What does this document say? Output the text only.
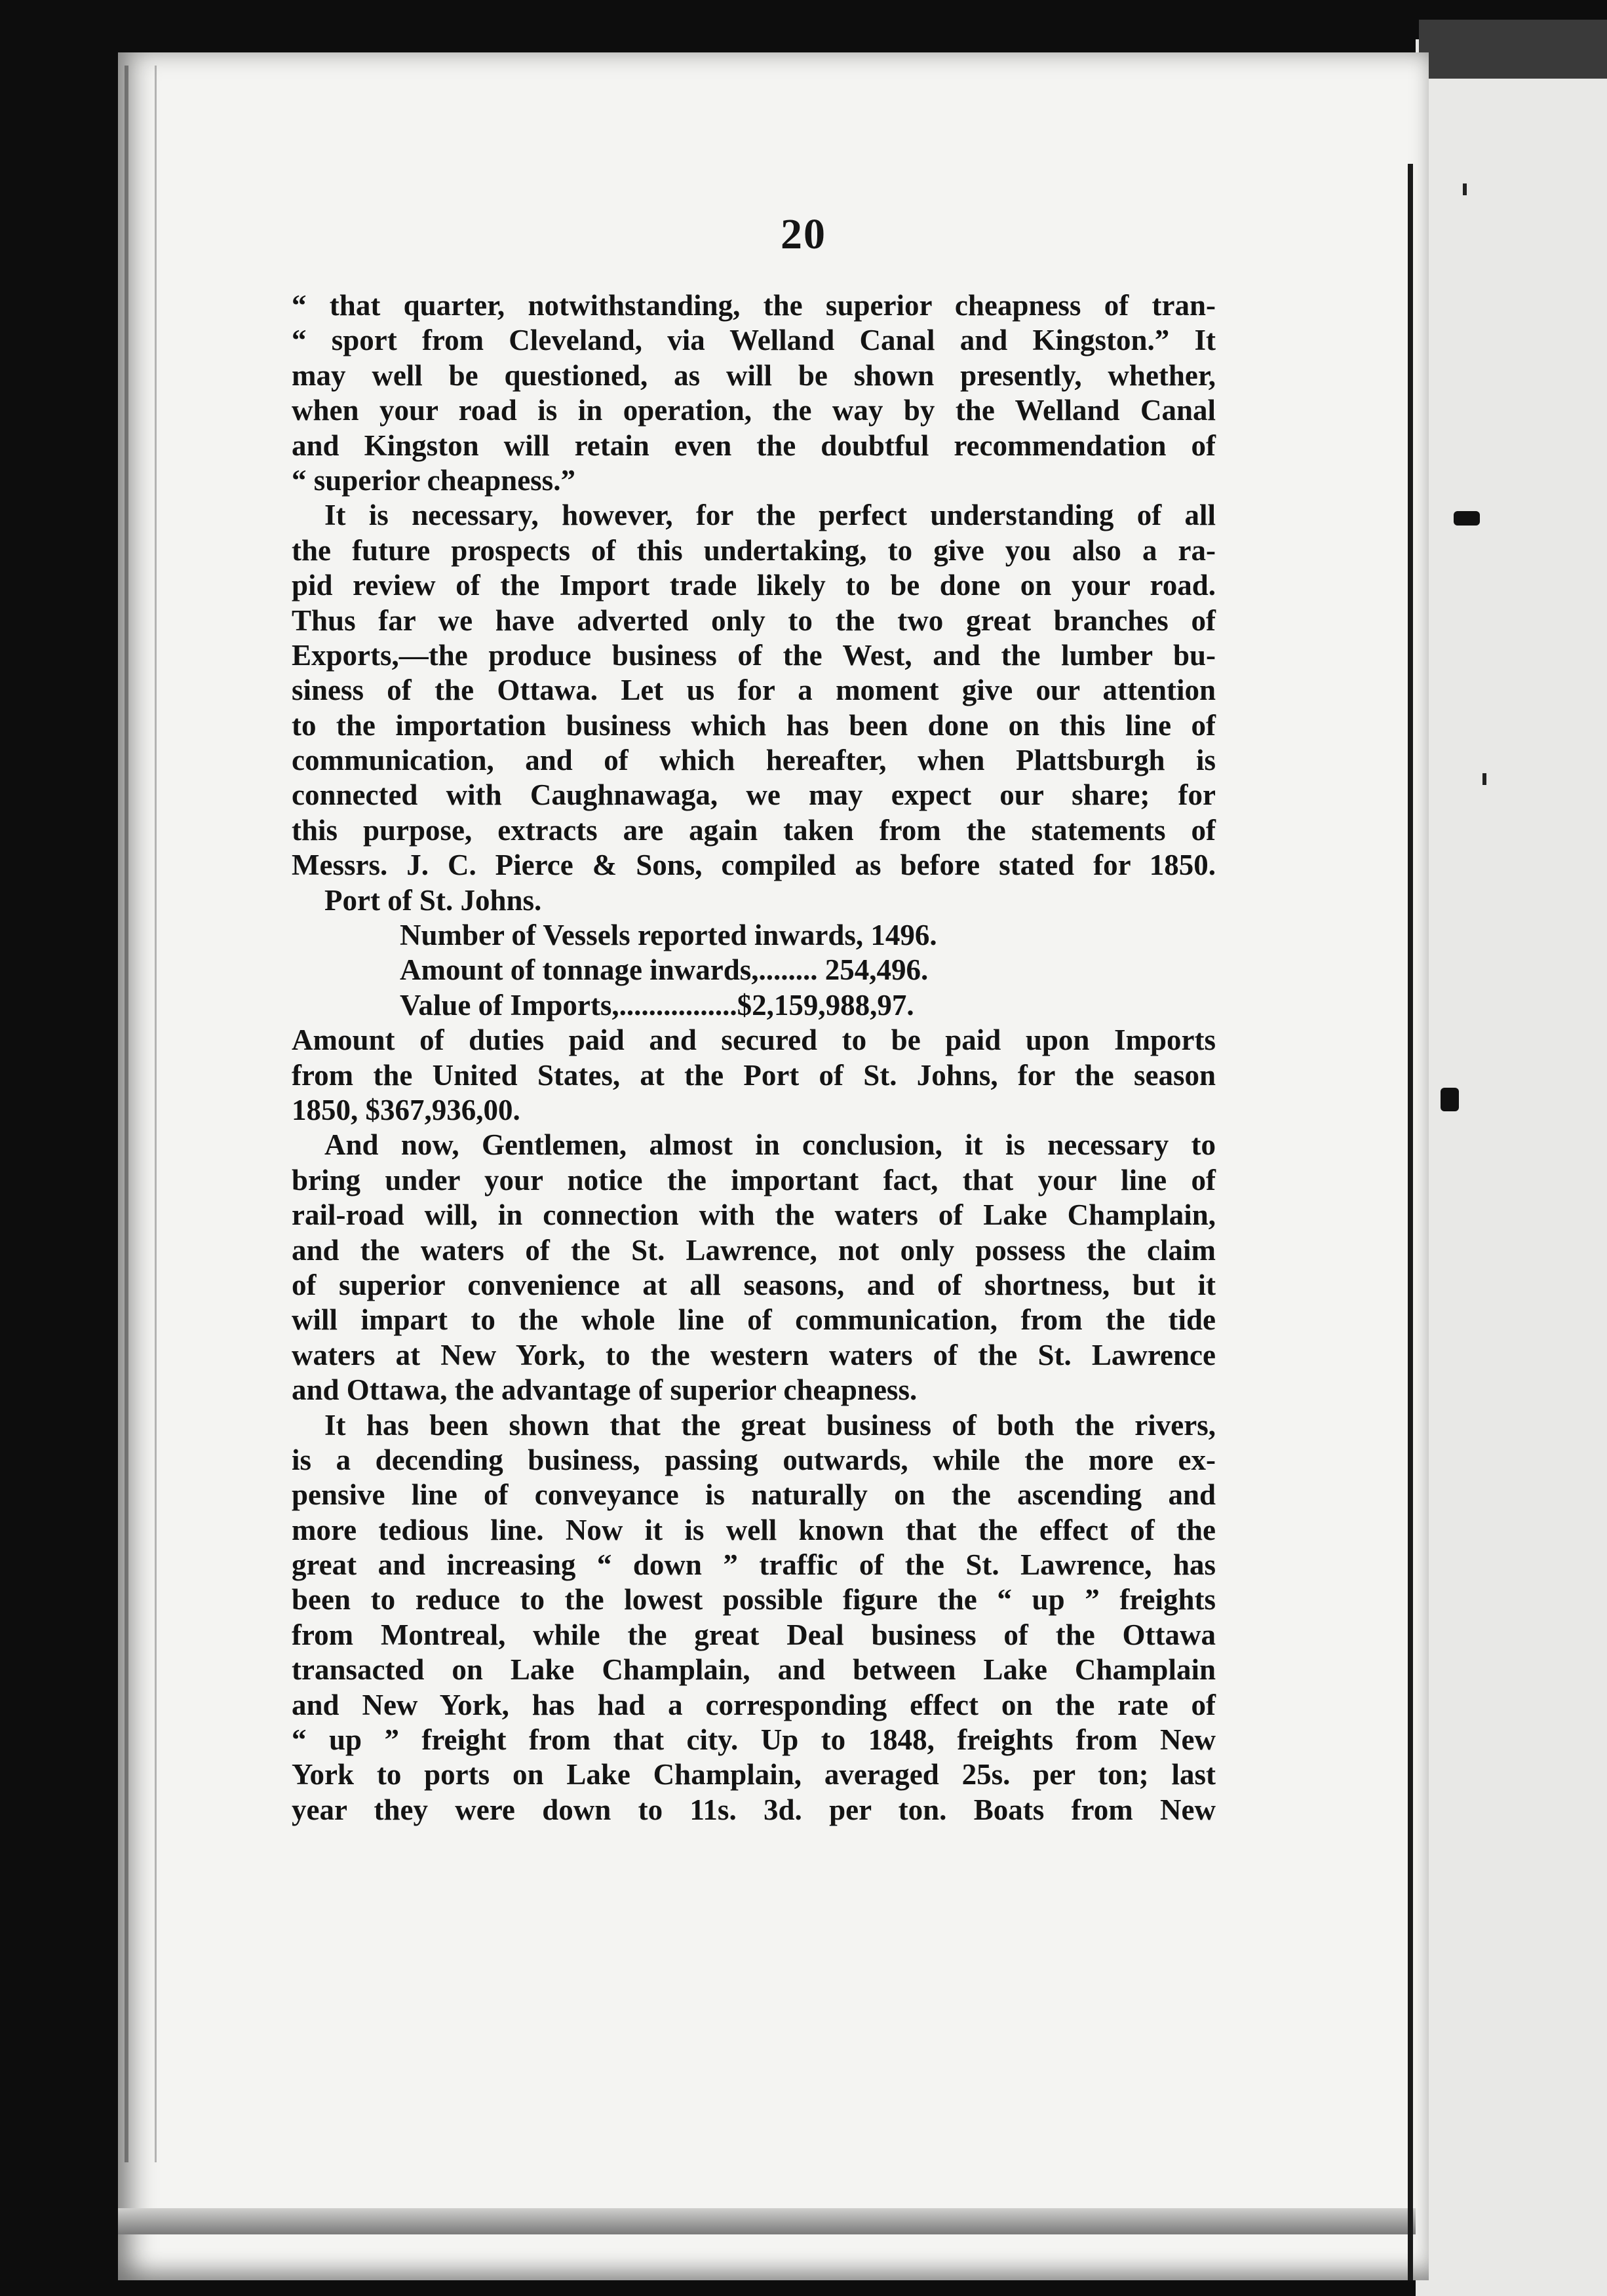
20
“ that quarter, notwithstanding, the superior cheapness of tran-
“ sport from Cleveland, via Welland Canal and Kingston.” It
may well be questioned, as will be shown presently, whether,
when your road is in operation, the way by the Welland Canal
and Kingston will retain even the doubtful recommendation of
“ superior cheapness.”
It is necessary, however, for the perfect understanding of all
the future prospects of this undertaking, to give you also a ra-
pid review of the Import trade likely to be done on your road.
Thus far we have adverted only to the two great branches of
Exports,—the produce business of the West, and the lumber bu-
siness of the Ottawa. Let us for a moment give our attention
to the importation business which has been done on this line of
communication, and of which hereafter, when Plattsburgh is
connected with Caughnawaga, we may expect our share; for
this purpose, extracts are again taken from the statements of
Messrs. J. C. Pierce & Sons, compiled as before stated for 1850.
Port of St. Johns.
Number of Vessels reported inwards, 1496.
Amount of tonnage inwards,........ 254,496.
Value of Imports,................$2,159,988,97.
Amount of duties paid and secured to be paid upon Imports
from the United States, at the Port of St. Johns, for the season
1850, $367,936,00.
And now, Gentlemen, almost in conclusion, it is necessary to
bring under your notice the important fact, that your line of
rail-road will, in connection with the waters of Lake Champlain,
and the waters of the St. Lawrence, not only possess the claim
of superior convenience at all seasons, and of shortness, but it
will impart to the whole line of communication, from the tide
waters at New York, to the western waters of the St. Lawrence
and Ottawa, the advantage of superior cheapness.
It has been shown that the great business of both the rivers,
is a decending business, passing outwards, while the more ex-
pensive line of conveyance is naturally on the ascending and
more tedious line. Now it is well known that the effect of the
great and increasing “ down ” traffic of the St. Lawrence, has
been to reduce to the lowest possible figure the “ up ” freights
from Montreal, while the great Deal business of the Ottawa
transacted on Lake Champlain, and between Lake Champlain
and New York, has had a corresponding effect on the rate of
“ up ” freight from that city. Up to 1848, freights from New
York to ports on Lake Champlain, averaged 25s. per ton; last
year they were down to 11s. 3d. per ton. Boats from New
